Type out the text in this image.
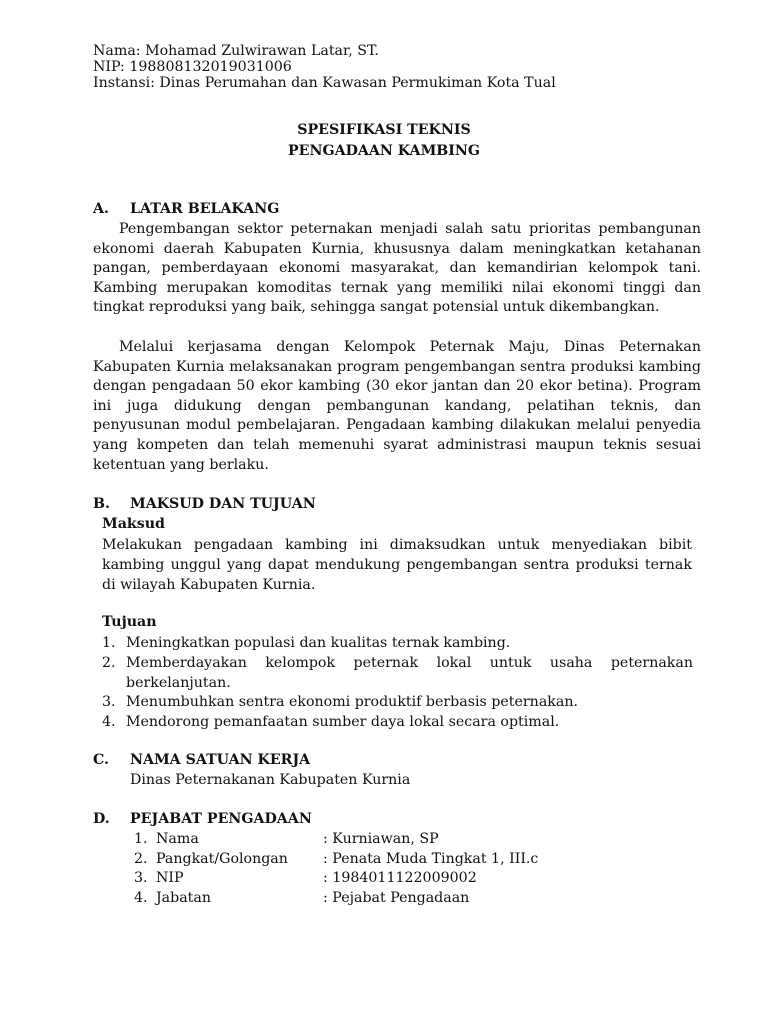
Nama: Mohamad Zulwirawan Latar, ST.
NIP: 198808132019031006
Instansi: Dinas Perumahan dan Kawasan Permukiman Kota Tual
SPESIFIKASI TEKNIS
PENGADAAN KAMBING
A. LATAR BELAKANG

Pengembangan sektor peternakan menjadi salah satu prioritas pembangunan ekonomi daerah Kabupaten Kurnia, khususnya dalam meningkatkan ketahanan pangan, pemberdayaan ekonomi masyarakat, dan kemandirian kelompok tani. Kambing merupakan komoditas ternak yang memiliki nilai ekonomi tinggi dan tingkat reproduksi yang baik, sehingga sangat potensial untuk dikembangkan.

Melalui kerjasama dengan Kelompok Peternak Maju, Dinas Peternakan Kabupaten Kurnia melaksanakan program pengembangan sentra produksi kambing dengan pengadaan 50 ekor kambing (30 ekor jantan dan 20 ekor betina). Program ini juga didukung dengan pembangunan kandang, pelatihan teknis, dan penyusunan modul pembelajaran. Pengadaan kambing dilakukan melalui penyedia yang kompeten dan telah memenuhi syarat administrasi maupun teknis sesuai ketentuan yang berlaku.

B. MAKSUD DAN TUJUAN
Maksud

Melakukan pengadaan kambing ini dimaksudkan untuk menyediakan bibit kambing unggul yang dapat mendukung pengembangan sentra produksi ternak di wilayah Kabupaten Kurnia.

Tujuan
1. Meningkatkan populasi dan kualitas ternak kambing.
2. Memberdayakan kelompok peternak lokal untuk usaha peternakan berkelanjutan.
3. Menumbuhkan sentra ekonomi produktif berbasis peternakan.
4. Mendorong pemanfaatan sumber daya lokal secara optimal.
C. NAMA SATUAN KERJA
Dinas Peternakanan Kabupaten Kurnia
D. PEJABAT PENGADAAN
1. Nama	: Kurniawan, SP
2. Pangkat/Golongan : Penata Muda Tingkat 1, III.c
3. NIP	: 1984011122009002
4. Jabatan	: Pejabat Pengadaan
